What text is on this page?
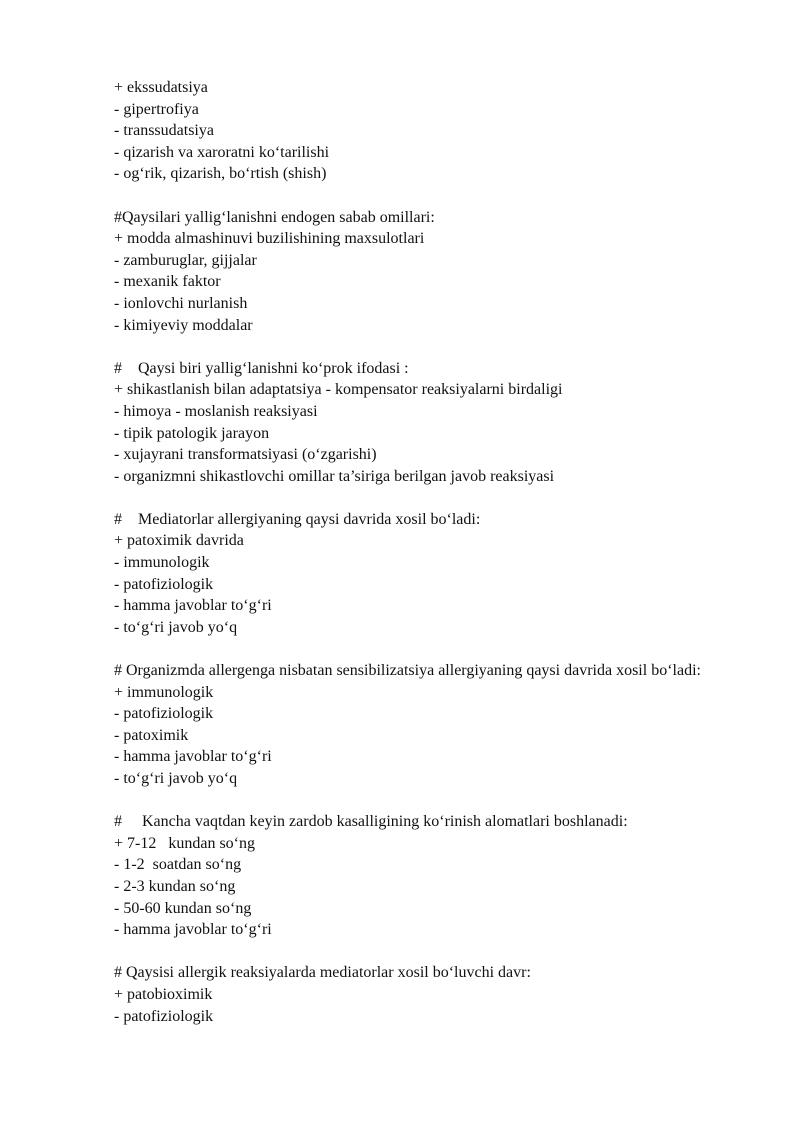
+ ekssudatsiya
- gipertrofiya
- transsudatsiya
- qizarish va xaroratni ko‘tarilishi
- og‘rik, qizarish, bo‘rtish (shish)
#Qaysilari yallig‘lanishni endogen sabab omillari:
+ modda almashinuvi buzilishining maxsulotlari
- zamburuglar, gijjalar
- mexanik faktor
- ionlovchi nurlanish
- kimiyeviy moddalar
#    Qaysi biri yallig‘lanishni ko‘prok ifodasi :
+ shikastlanish bilan adaptatsiya - kompensator reaksiyalarni birdaligi
- himoya - moslanish reaksiyasi
- tipik patologik jarayon
- xujayrani transformatsiyasi (o‘zgarishi)
- organizmni shikastlovchi omillar ta’siriga berilgan javob reaksiyasi
#    Mediatorlar allergiyaning qaysi davrida xosil bo‘ladi:
+ patoximik davrida
- immunologik
- patofiziologik
- hamma javoblar to‘g‘ri
- to‘g‘ri javob yo‘q
# Organizmda allergenga nisbatan sensibilizatsiya allergiyaning qaysi davrida xosil bo‘ladi:
+ immunologik
- patofiziologik
- patoximik
- hamma javoblar to‘g‘ri
- to‘g‘ri javob yo‘q
#     Kancha vaqtdan keyin zardob kasalligining ko‘rinish alomatlari boshlanadi:
+ 7-12   kundan so‘ng
- 1-2  soatdan so‘ng
- 2-3 kundan so‘ng
- 50-60 kundan so‘ng
- hamma javoblar to‘g‘ri
# Qaysisi allergik reaksiyalarda mediatorlar xosil bo‘luvchi davr:
+ patobioximik
- patofiziologik
